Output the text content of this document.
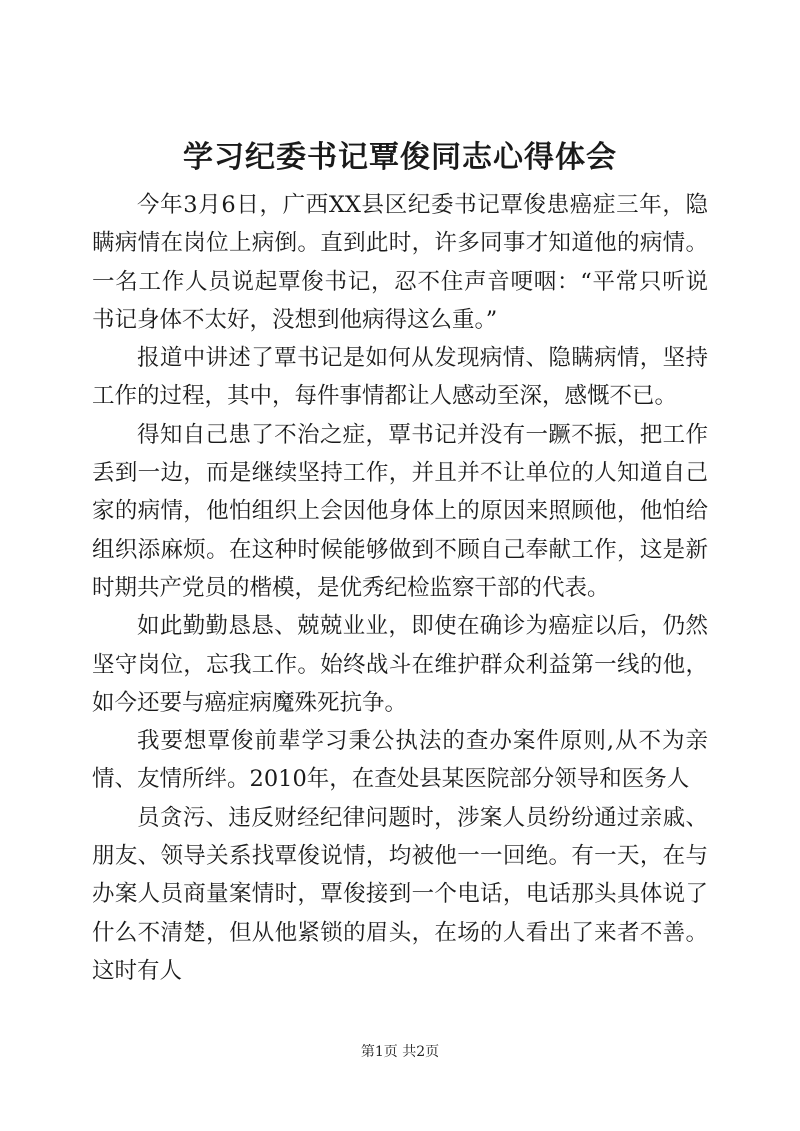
学习纪委书记覃俊同志心得体会

今年3月6日，广西XX县区纪委书记覃俊患癌症三年，隐瞒病情在岗位上病倒。直到此时，许多同事才知道他的病情。一名工作人员说起覃俊书记，忍不住声音哽咽：“平常只听说书记身体不太好，没想到他病得这么重。”

报道中讲述了覃书记是如何从发现病情、隐瞒病情，坚持工作的过程，其中，每件事情都让人感动至深，感慨不已。

得知自己患了不治之症，覃书记并没有一蹶不振，把工作丢到一边，而是继续坚持工作，并且并不让单位的人知道自己家的病情，他怕组织上会因他身体上的原因来照顾他，他怕给组织添麻烦。在这种时候能够做到不顾自己奉献工作，这是新时期共产党员的楷模，是优秀纪检监察干部的代表。

如此勤勤恳恳、兢兢业业，即使在确诊为癌症以后，仍然坚守岗位，忘我工作。始终战斗在维护群众利益第一线的他，如今还要与癌症病魔殊死抗争。

我要想覃俊前辈学习秉公执法的查办案件原则,从不为亲情、友情所绊。2010年，在查处县某医院部分领导和医务人

员贪污、违反财经纪律问题时，涉案人员纷纷通过亲戚、朋友、领导关系找覃俊说情，均被他一一回绝。有一天，在与办案人员商量案情时，覃俊接到一个电话，电话那头具体说了什么不清楚，但从他紧锁的眉头，在场的人看出了来者不善。这时有人

第1页 共2页
